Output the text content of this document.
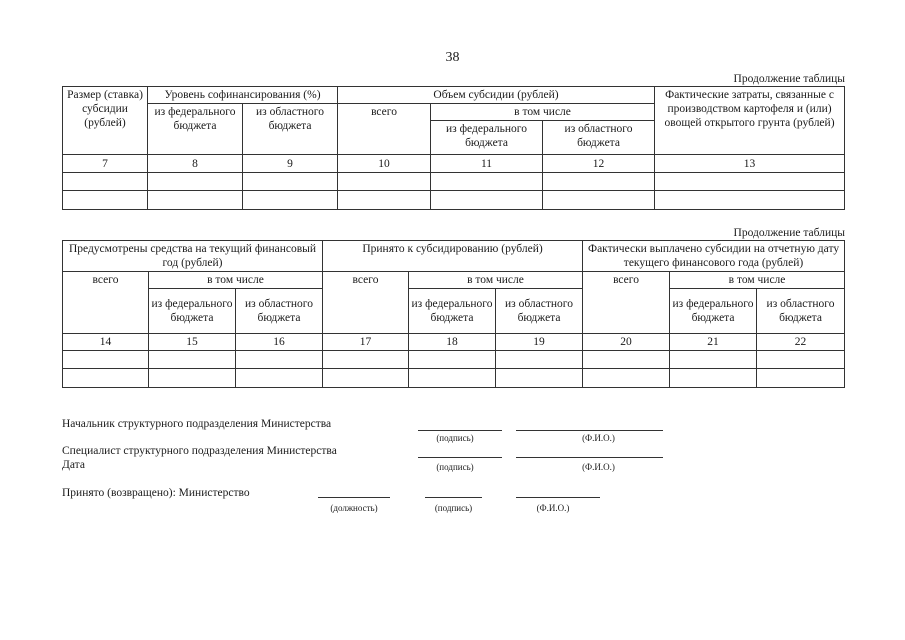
38
Продолжение таблицы
Размер (ставка) субсидии (рублей)	Уровень софинансирования (%)		Объем субсидии (рублей)			Фактические затраты, связанные с производством картофеля и (или) овощей открытого грунта (рублей)
	из федерального бюджета	из областного бюджета	всего	в том числе		
				из федерального бюджета	из областного бюджета	
7	8	9	10	11	12	13

Продолжение таблицы
Предусмотрены средства на текущий финансовый год (рублей)			Принято к субсидированию (рублей)			Фактически выплачено субсидии на отчетную дату текущего финансового года (рублей)		
всего	в том числе		всего	в том числе		всего	в том числе	
	из федерального бюджета	из областного бюджета		из федерального бюджета	из областного бюджета		из федерального бюджета	из областного бюджета
14	15	16	17	18	19	20	21	22

Начальник структурного подразделения Министерства
(подпись)	(Ф.И.О.)
Специалист структурного подразделения Министерства
Дата	(подпись)	(Ф.И.О.)
Принято (возвращено): Министерство
(должность)	(подпись)	(Ф.И.О.)
